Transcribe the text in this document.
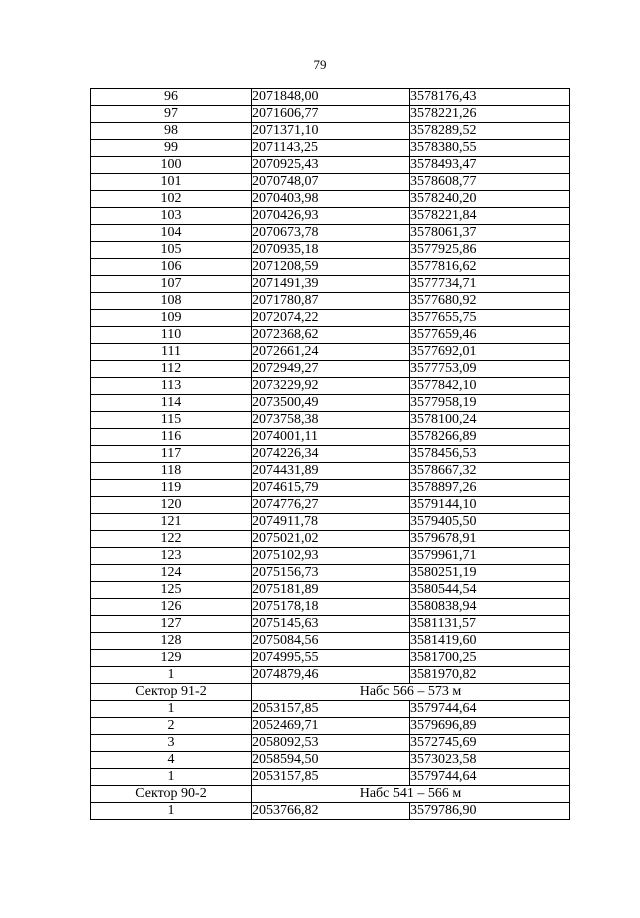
79
96	2071848,00	3578176,43
97	2071606,77	3578221,26
98	2071371,10	3578289,52
99	2071143,25	3578380,55
100	2070925,43	3578493,47
101	2070748,07	3578608,77
102	2070403,98	3578240,20
103	2070426,93	3578221,84
104	2070673,78	3578061,37
105	2070935,18	3577925,86
106	2071208,59	3577816,62
107	2071491,39	3577734,71
108	2071780,87	3577680,92
109	2072074,22	3577655,75
110	2072368,62	3577659,46
111	2072661,24	3577692,01
112	2072949,27	3577753,09
113	2073229,92	3577842,10
114	2073500,49	3577958,19
115	2073758,38	3578100,24
116	2074001,11	3578266,89
117	2074226,34	3578456,53
118	2074431,89	3578667,32
119	2074615,79	3578897,26
120	2074776,27	3579144,10
121	2074911,78	3579405,50
122	2075021,02	3579678,91
123	2075102,93	3579961,71
124	2075156,73	3580251,19
125	2075181,89	3580544,54
126	2075178,18	3580838,94
127	2075145,63	3581131,57
128	2075084,56	3581419,60
129	2074995,55	3581700,25
1	2074879,46	3581970,82
Сектор 91-2	Набс 566 – 573 м	
1	2053157,85	3579744,64
2	2052469,71	3579696,89
3	2058092,53	3572745,69
4	2058594,50	3573023,58
1	2053157,85	3579744,64
Сектор 90-2	Набс 541 – 566 м	
1	2053766,82	3579786,90
